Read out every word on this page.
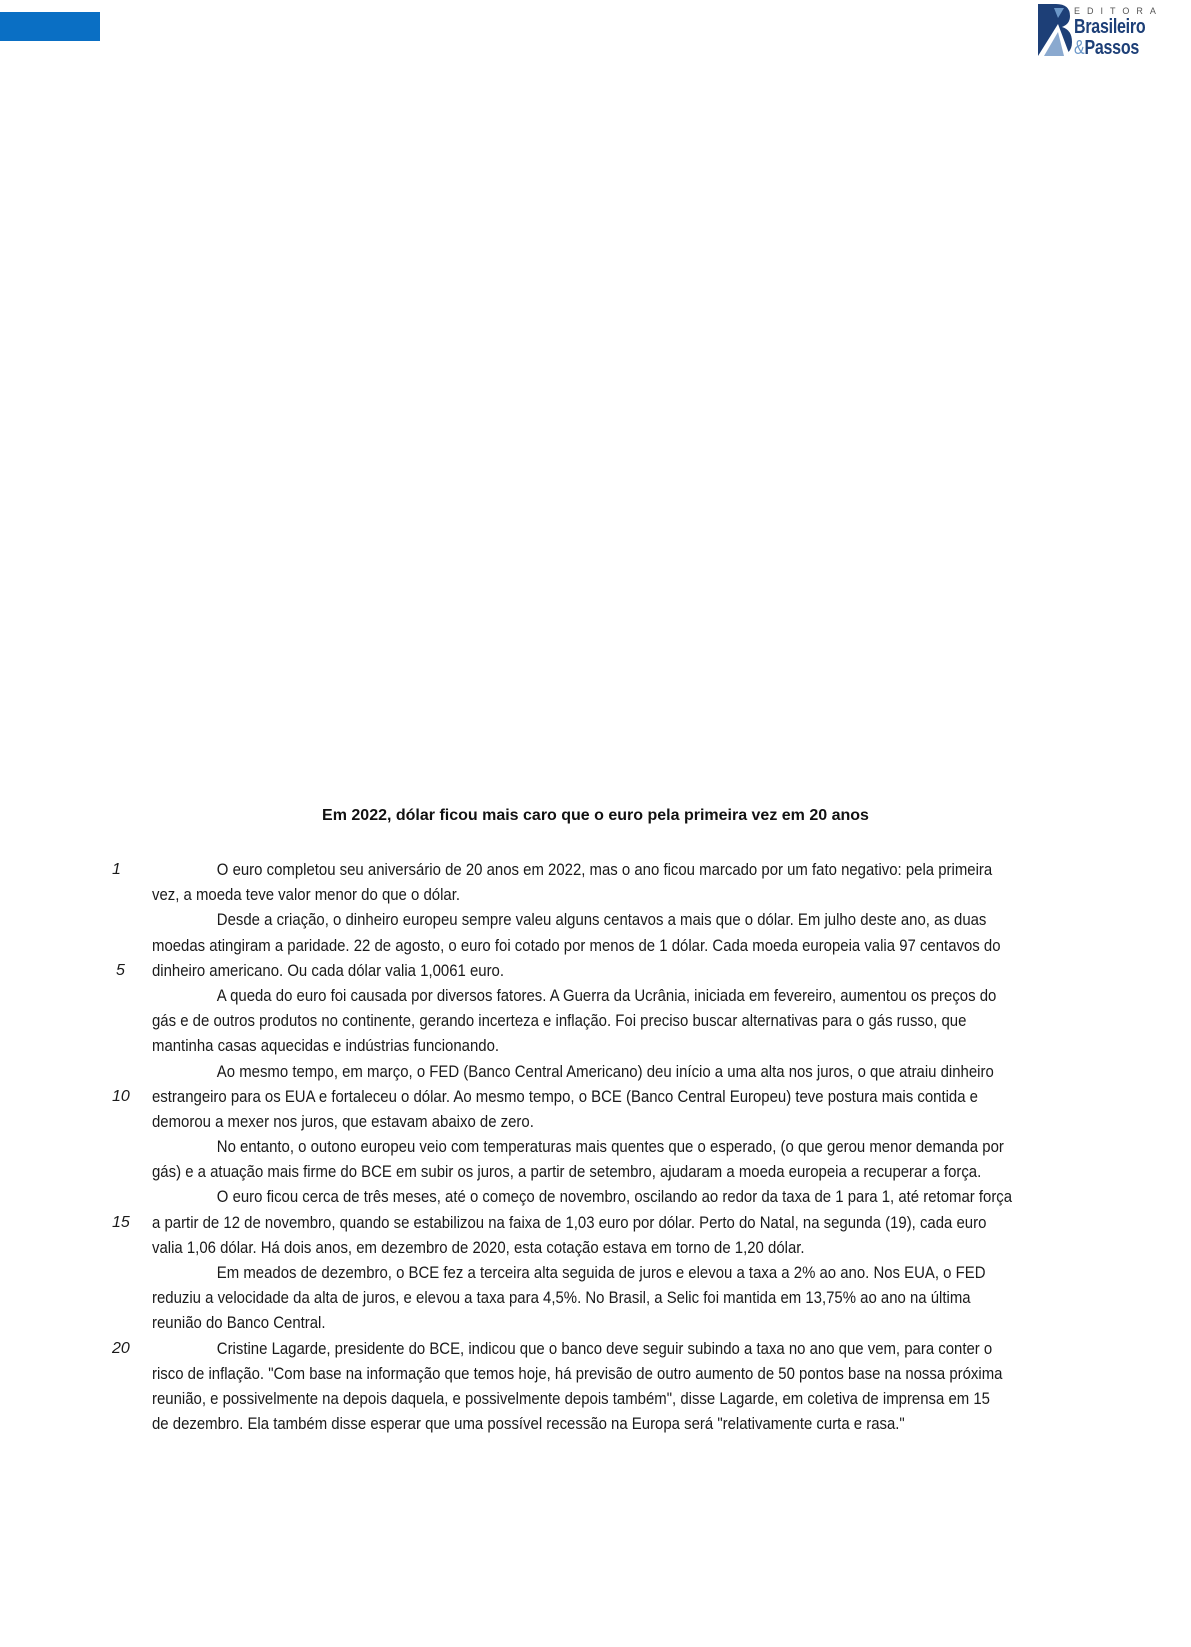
EDITORA
Brasileiro
&Passos
Em 2022, dólar ficou mais caro que o euro pela primeira vez em 20 anos
1
5
10
15
20
O euro completou seu aniversário de 20 anos em 2022, mas o ano ficou marcado por um fato negativo: pela primeira
vez, a moeda teve valor menor do que o dólar.
Desde a criação, o dinheiro europeu sempre valeu alguns centavos a mais que o dólar. Em julho deste ano, as duas
moedas atingiram a paridade. 22 de agosto, o euro foi cotado por menos de 1 dólar. Cada moeda europeia valia 97 centavos do
dinheiro americano. Ou cada dólar valia 1,0061 euro.
A queda do euro foi causada por diversos fatores. A Guerra da Ucrânia, iniciada em fevereiro, aumentou os preços do
gás e de outros produtos no continente, gerando incerteza e inflação. Foi preciso buscar alternativas para o gás russo, que
mantinha casas aquecidas e indústrias funcionando.
Ao mesmo tempo, em março, o FED (Banco Central Americano) deu início a uma alta nos juros, o que atraiu dinheiro
estrangeiro para os EUA e fortaleceu o dólar. Ao mesmo tempo, o BCE (Banco Central Europeu) teve postura mais contida e
demorou a mexer nos juros, que estavam abaixo de zero.
No entanto, o outono europeu veio com temperaturas mais quentes que o esperado, (o que gerou menor demanda por
gás) e a atuação mais firme do BCE em subir os juros, a partir de setembro, ajudaram a moeda europeia a recuperar a força.
O euro ficou cerca de três meses, até o começo de novembro, oscilando ao redor da taxa de 1 para 1, até retomar força
a partir de 12 de novembro, quando se estabilizou na faixa de 1,03 euro por dólar. Perto do Natal, na segunda (19), cada euro
valia 1,06 dólar. Há dois anos, em dezembro de 2020, esta cotação estava em torno de 1,20 dólar.
Em meados de dezembro, o BCE fez a terceira alta seguida de juros e elevou a taxa a 2% ao ano. Nos EUA, o FED
reduziu a velocidade da alta de juros, e elevou a taxa para 4,5%. No Brasil, a Selic foi mantida em 13,75% ao ano na última
reunião do Banco Central.
Cristine Lagarde, presidente do BCE, indicou que o banco deve seguir subindo a taxa no ano que vem, para conter o
risco de inflação. "Com base na informação que temos hoje, há previsão de outro aumento de 50 pontos base na nossa próxima
reunião, e possivelmente na depois daquela, e possivelmente depois também", disse Lagarde, em coletiva de imprensa em 15
de dezembro. Ela também disse esperar que uma possível recessão na Europa será "relativamente curta e rasa."
